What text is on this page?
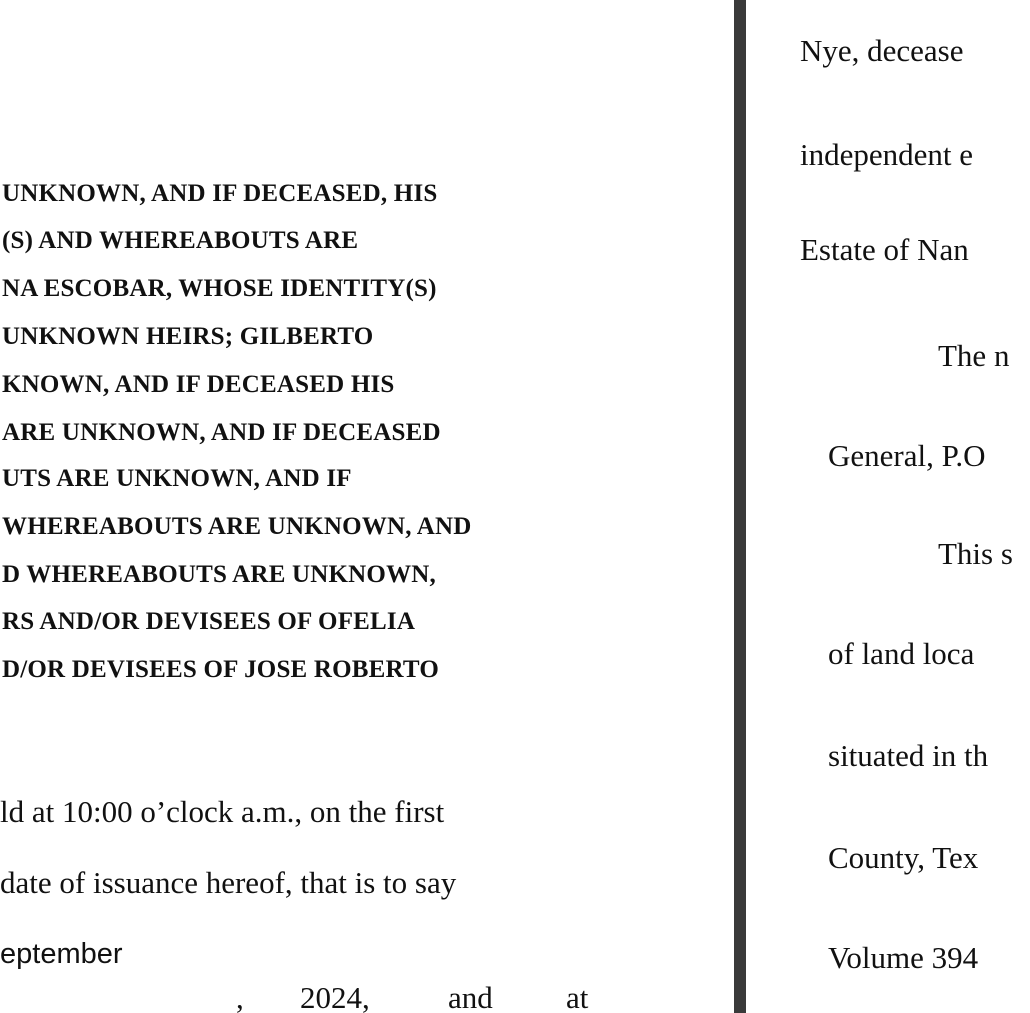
UNKNOWN, AND IF DECEASED, HIS

(S) AND WHEREABOUTS ARE

NA ESCOBAR, WHOSE IDENTITY(S)

UNKNOWN HEIRS; GILBERTO

KNOWN, AND IF DECEASED HIS

ARE UNKNOWN, AND IF DECEASED

UTS ARE UNKNOWN, AND IF

WHEREABOUTS ARE UNKNOWN, AND

D WHEREABOUTS ARE UNKNOWN,

RS AND/OR DEVISEES OF OFELIA

D/OR DEVISEES OF JOSE ROBERTO

ld at 10:00 o’clock a.m., on the first

date of issuance hereof, that is to say

eptember

, 2024,	and at

Nye, decease

independent e

Estate of Nan

The n

General, P.O

This s

of land loca

situated in th

County, Tex

Volume 394
